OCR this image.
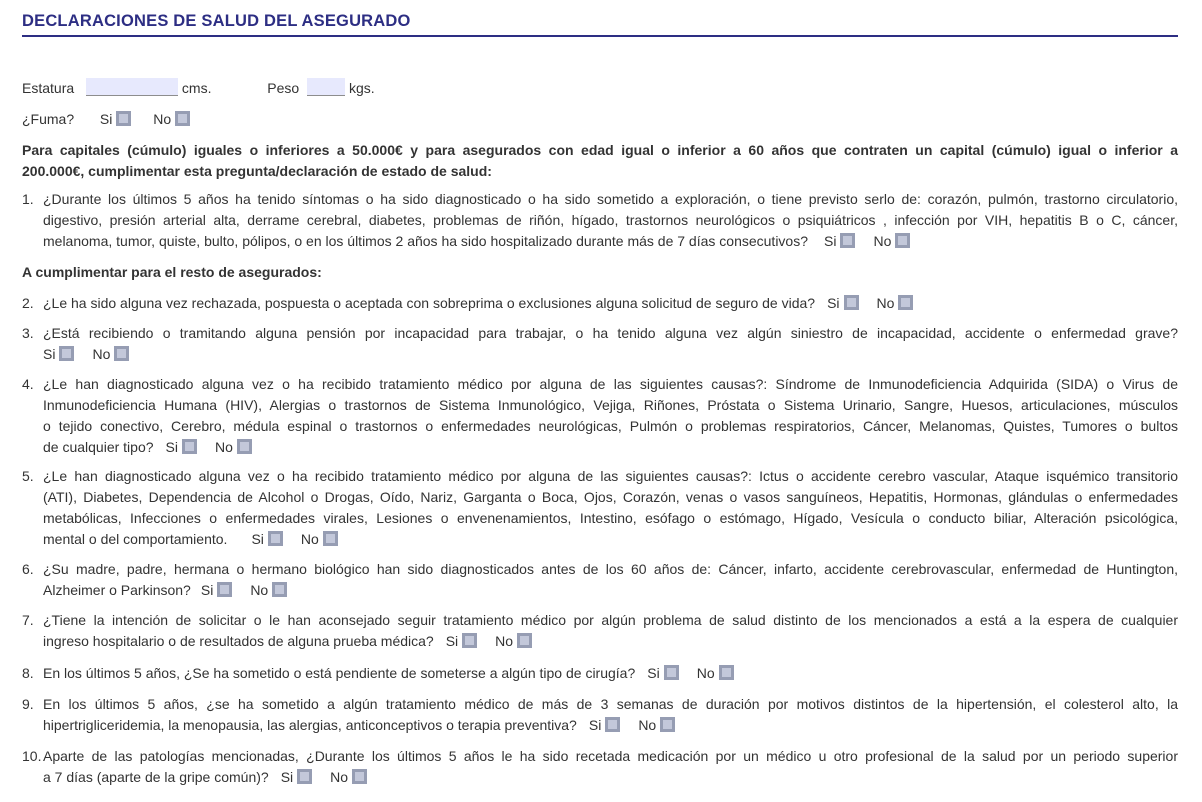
DECLARACIONES DE SALUD DEL ASEGURADO
Estatura	cms.	Peso	kgs.
¿Fuma? Si	No
Para capitales (cúmulo) iguales o inferiores a 50.000€ y para asegurados con edad igual o inferior a 60 años que contraten un capital (cúmulo) igual o inferior a
200.000€, cumplimentar esta pregunta/declaración de estado de salud:
1. ¿Durante los últimos 5 años ha tenido síntomas o ha sido diagnosticado o ha sido sometido a exploración, o tiene previsto serlo de: corazón, pulmón, trastorno circulatorio,
digestivo, presión arterial alta, derrame cerebral, diabetes, problemas de riñón, hígado, trastornos neurológicos o psiquiátricos , infección por VIH, hepatitis B o C, cáncer,
melanoma, tumor, quiste, bulto, pólipos, o en los últimos 2 años ha sido hospitalizado durante más de 7 días consecutivos? Si	No
A cumplimentar para el resto de asegurados:
2. ¿Le ha sido alguna vez rechazada, pospuesta o aceptada con sobreprima o exclusiones alguna solicitud de seguro de vida? Si	No
3. ¿Está recibiendo o tramitando alguna pensión por incapacidad para trabajar, o ha tenido alguna vez algún siniestro de incapacidad, accidente o enfermedad grave?
Si	No
4. ¿Le han diagnosticado alguna vez o ha recibido tratamiento médico por alguna de las siguientes causas?: Síndrome de Inmunodeficiencia Adquirida (SIDA) o Virus de
Inmunodeficiencia Humana (HIV), Alergias o trastornos de Sistema Inmunológico, Vejiga, Riñones, Próstata o Sistema Urinario, Sangre, Huesos, articulaciones, músculos
o tejido conectivo, Cerebro, médula espinal o trastornos o enfermedades neurológicas, Pulmón o problemas respiratorios, Cáncer, Melanomas, Quistes, Tumores o bultos
de cualquier tipo? Si	No
5. ¿Le han diagnosticado alguna vez o ha recibido tratamiento médico por alguna de las siguientes causas?: Ictus o accidente cerebro vascular, Ataque isquémico transitorio
(ATI), Diabetes, Dependencia de Alcohol o Drogas, Oído, Nariz, Garganta o Boca, Ojos, Corazón, venas o vasos sanguíneos, Hepatitis, Hormonas, glándulas o enfermedades
metabólicas, Infecciones o enfermedades virales, Lesiones o envenenamientos, Intestino, esófago o estómago, Hígado, Vesícula o conducto biliar, Alteración psicológica,
mental o del comportamiento. Si	No
6. ¿Su madre, padre, hermana o hermano biológico han sido diagnosticados antes de los 60 años de: Cáncer, infarto, accidente cerebrovascular, enfermedad de Huntington,
Alzheimer o Parkinson? Si	No
7. ¿Tiene la intención de solicitar o le han aconsejado seguir tratamiento médico por algún problema de salud distinto de los mencionados a está a la espera de cualquier
ingreso hospitalario o de resultados de alguna prueba médica? Si	No
8. En los últimos 5 años, ¿Se ha sometido o está pendiente de someterse a algún tipo de cirugía? Si	No
9. En los últimos 5 años, ¿se ha sometido a algún tratamiento médico de más de 3 semanas de duración por motivos distintos de la hipertensión, el colesterol alto, la
hipertrigliceridemia, la menopausia, las alergias, anticonceptivos o terapia preventiva? Si	No
10. Aparte de las patologías mencionadas, ¿Durante los últimos 5 años le ha sido recetada medicación por un médico u otro profesional de la salud por un periodo superior
a 7 días (aparte de la gripe común)? Si	No
